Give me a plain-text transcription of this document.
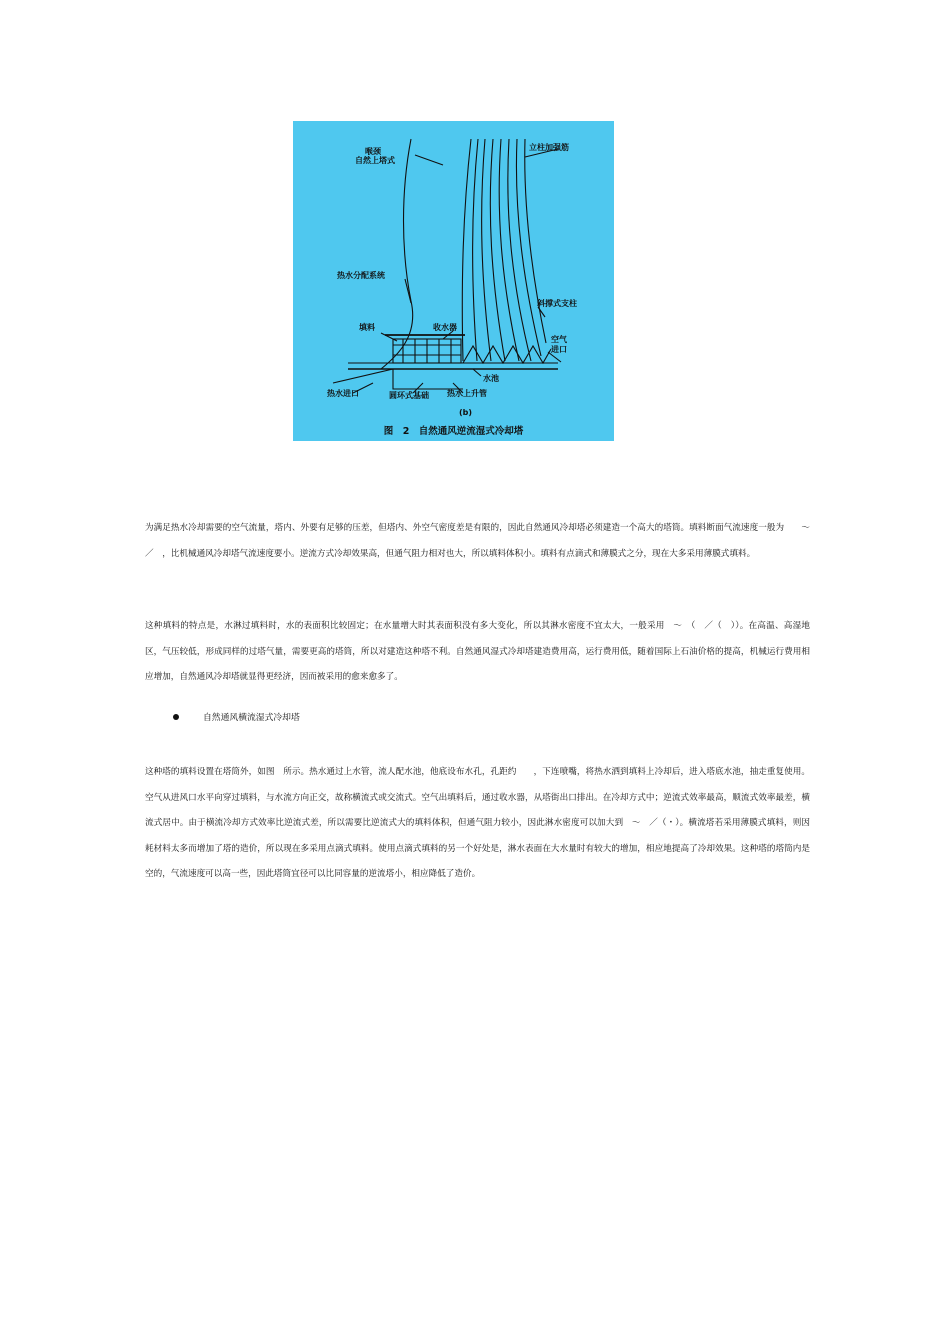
喉颈
自然上塔式
立柱加强筋
热水分配系统
斜撑式支柱
填料	收水器
空气
进口
水池
热水进口	圆环式基础 热水上升管
(b)
图　2　自然通风逆流湿式冷却塔

为满足热水冷却需要的空气流量，塔内、外要有足够的压差，但塔内、外空气密度差是有限的，因此自然通风冷却塔必须建造一个高大的塔筒。填料断面气流速度一般为　　～　　／　，比机械通风冷却塔气流速度要小。逆流方式冷却效果高，但通气阻力相对也大，所以填料体积小。填料有点滴式和薄膜式之分，现在大多采用薄膜式填料。

这种填料的特点是，水淋过填料时，水的表面积比较固定；在水量增大时其表面积没有多大变化，所以其淋水密度不宜太大，一般采用　～　（　／（　））。在高温、高湿地区，气压较低，形成同样的过塔气量，需要更高的塔筒，所以对建造这种塔不利。自然通风湿式冷却塔建造费用高，运行费用低，随着国际上石油价格的提高，机械运行费用相应增加，自然通风冷却塔就显得更经济，因而被采用的愈来愈多了。

自然通风横流湿式冷却塔

这种塔的填料设置在塔筒外，如图　所示。热水通过上水管，流人配水池，他底设布水孔，孔距约　　，下连喷嘴，将热水洒到填料上冷却后，进入塔底水池，抽走重复使用。空气从进风口水平向穿过填料，与水流方向正交，故称横流式或交流式。空气出填料后，通过收水器，从塔街出口排出。在冷却方式中；逆流式效率最高，顺流式效率最差，横流式居中。由于横流冷却方式效率比逆流式差，所以需要比逆流式大的填料体积，但通气阻力较小，因此淋水密度可以加大到　～　／（・）。横流塔若采用薄膜式填料，则因耗材料太多而增加了塔的造价，所以现在多采用点滴式填料。使用点滴式填料的另一个好处是，淋水表面在大水量时有较大的增加，相应地提高了冷却效果。这种塔的塔筒内是空的，气流速度可以高一些，因此塔筒宜径可以比同容量的逆流塔小，相应降低了造价。
